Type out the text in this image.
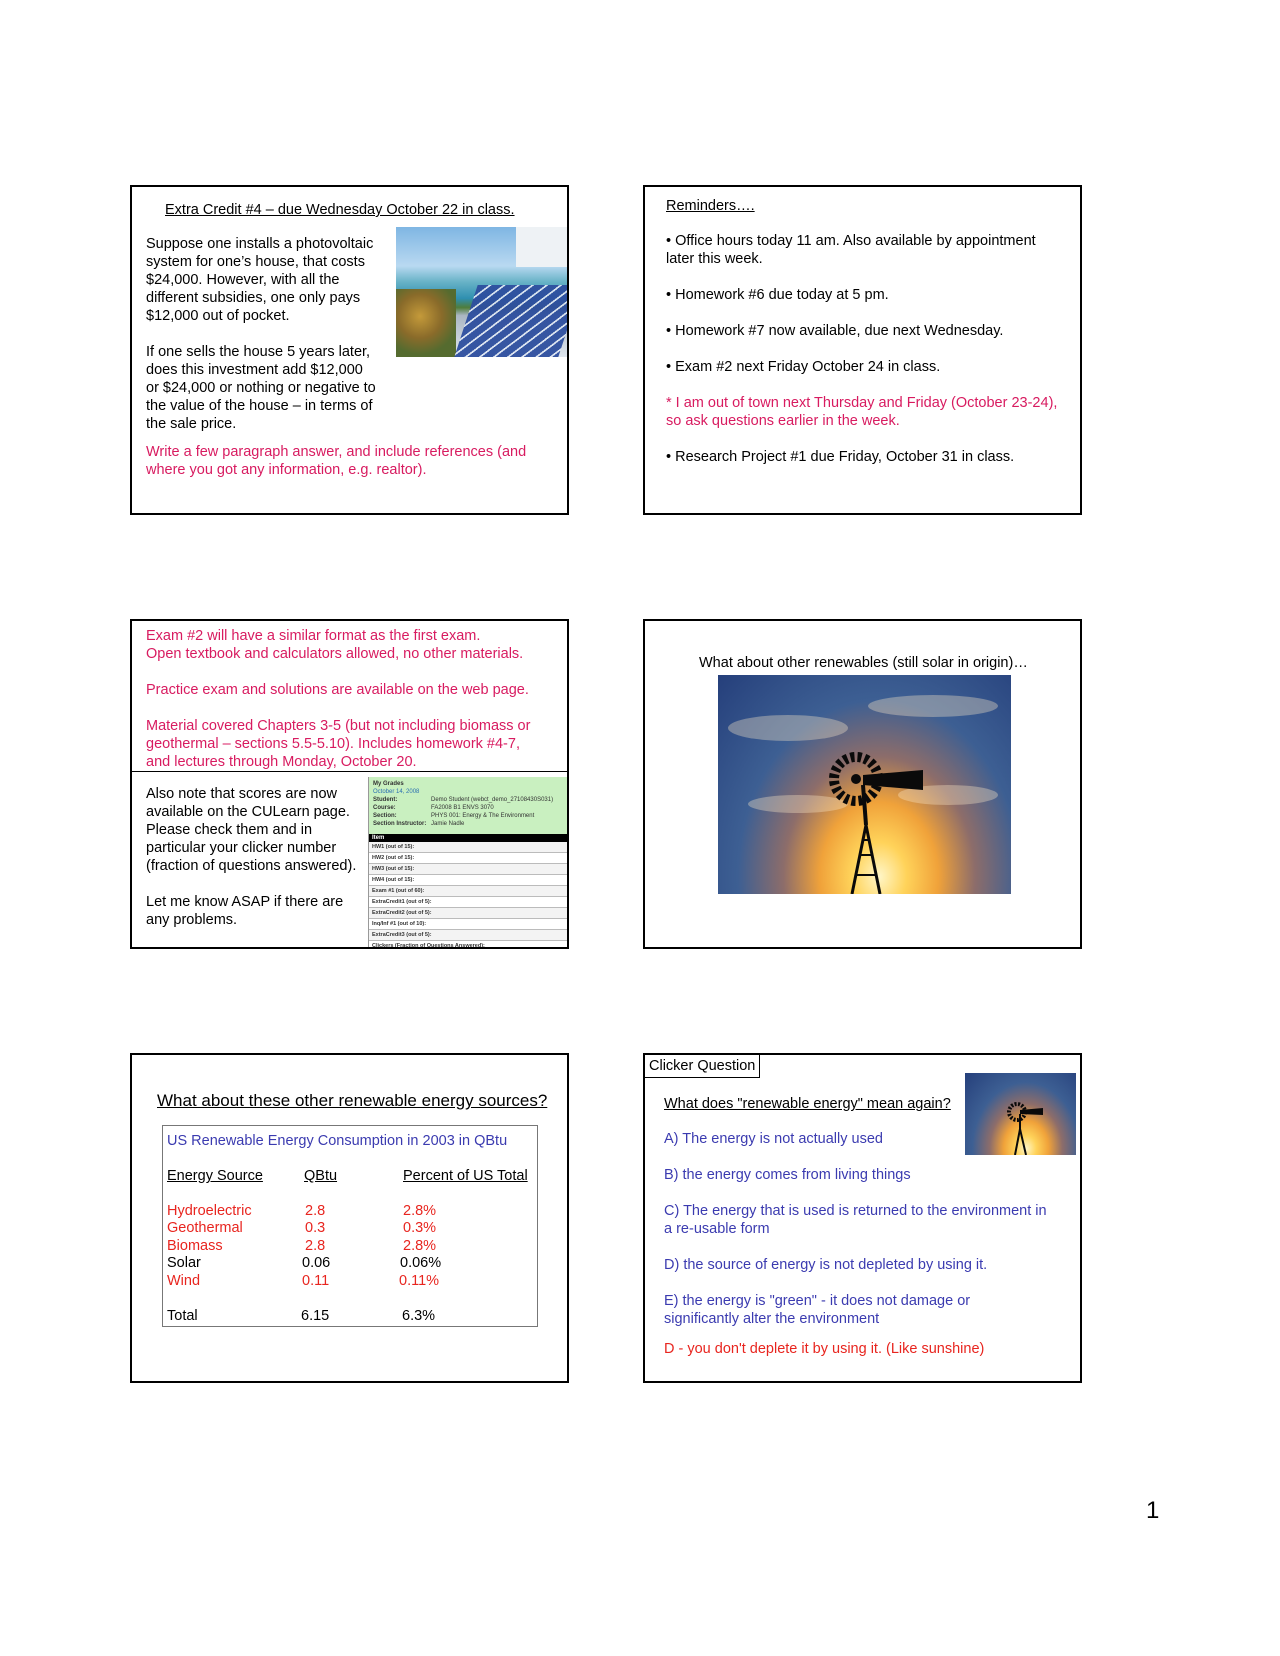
Extra Credit #4 – due Wednesday October 22 in class.

Suppose one installs a photovoltaic
system for one’s house, that costs
$24,000. However, with all the
different subsidies, one only pays
$12,000 out of pocket.
If one sells the house 5 years later,
does this investment add $12,000
or $24,000 or nothing or negative to
the value of the house – in terms of
the sale price.
Write a few paragraph answer, and include references (and
where you got any information, e.g. realtor).

Reminders….

• Office hours today 11 am. Also available by appointment
later this week.
• Homework #6 due today at 5 pm.
• Homework #7 now available, due next Wednesday.
• Exam #2 next Friday October 24 in class.
* I am out of town next Thursday and Friday (October 23-24),
so ask questions earlier in the week.
• Research Project #1 due Friday, October 31 in class.
Exam #2 will have a similar format as the first exam.
Open textbook and calculators allowed, no other materials.
Practice exam and solutions are available on the web page.
Material covered Chapters 3-5 (but not including biomass or
geothermal – sections 5.5-5.10). Includes homework #4-7,
and lectures through Monday, October 20.
Also note that scores are now
available on the CULearn page.
Please check them and in
particular your clicker number
(fraction of questions answered).
Let me know ASAP if there are
any problems.
My Grades
October 14, 2008
Student:	Demo Student (webct_demo_27108430S031)
Course:	FA2008 B1 ENVS 3070
Section:	PHYS 001: Energy & The Environment
Section Instructor: Jamie Nadle
Item
HW1 (out of 15):
HW2 (out of 15):
HW3 (out of 15):
HW4 (out of 15):
Exam #1 (out of 60):
ExtraCredit1 (out of 5):
ExtraCredit2 (out of 5):
Inq/Inf #1 (out of 10):
ExtraCredit3 (out of 5):
Clickers (Fraction of Questions Answered):

What about other renewables (still solar in origin)…

What about these other renewable energy sources?

US Renewable Energy Consumption in 2003 in QBtu
Energy Source	QBtu	Percent of US Total
Hydroelectric	2.8	2.8%
Geothermal	0.3	0.3%
Biomass	2.8	2.8%
Solar	0.06	0.06%
Wind	0.11	0.11%
Total	6.15	6.3%
Clicker Question

What does "renewable energy" mean again?

A) The energy is not actually used
B) the energy comes from living things
C) The energy that is used is returned to the environment in
a re-usable form
D) the source of energy is not depleted by using it.
E) the energy is "green" - it does not damage or
significantly alter the environment

D - you don't deplete it by using it. (Like sunshine)

1
